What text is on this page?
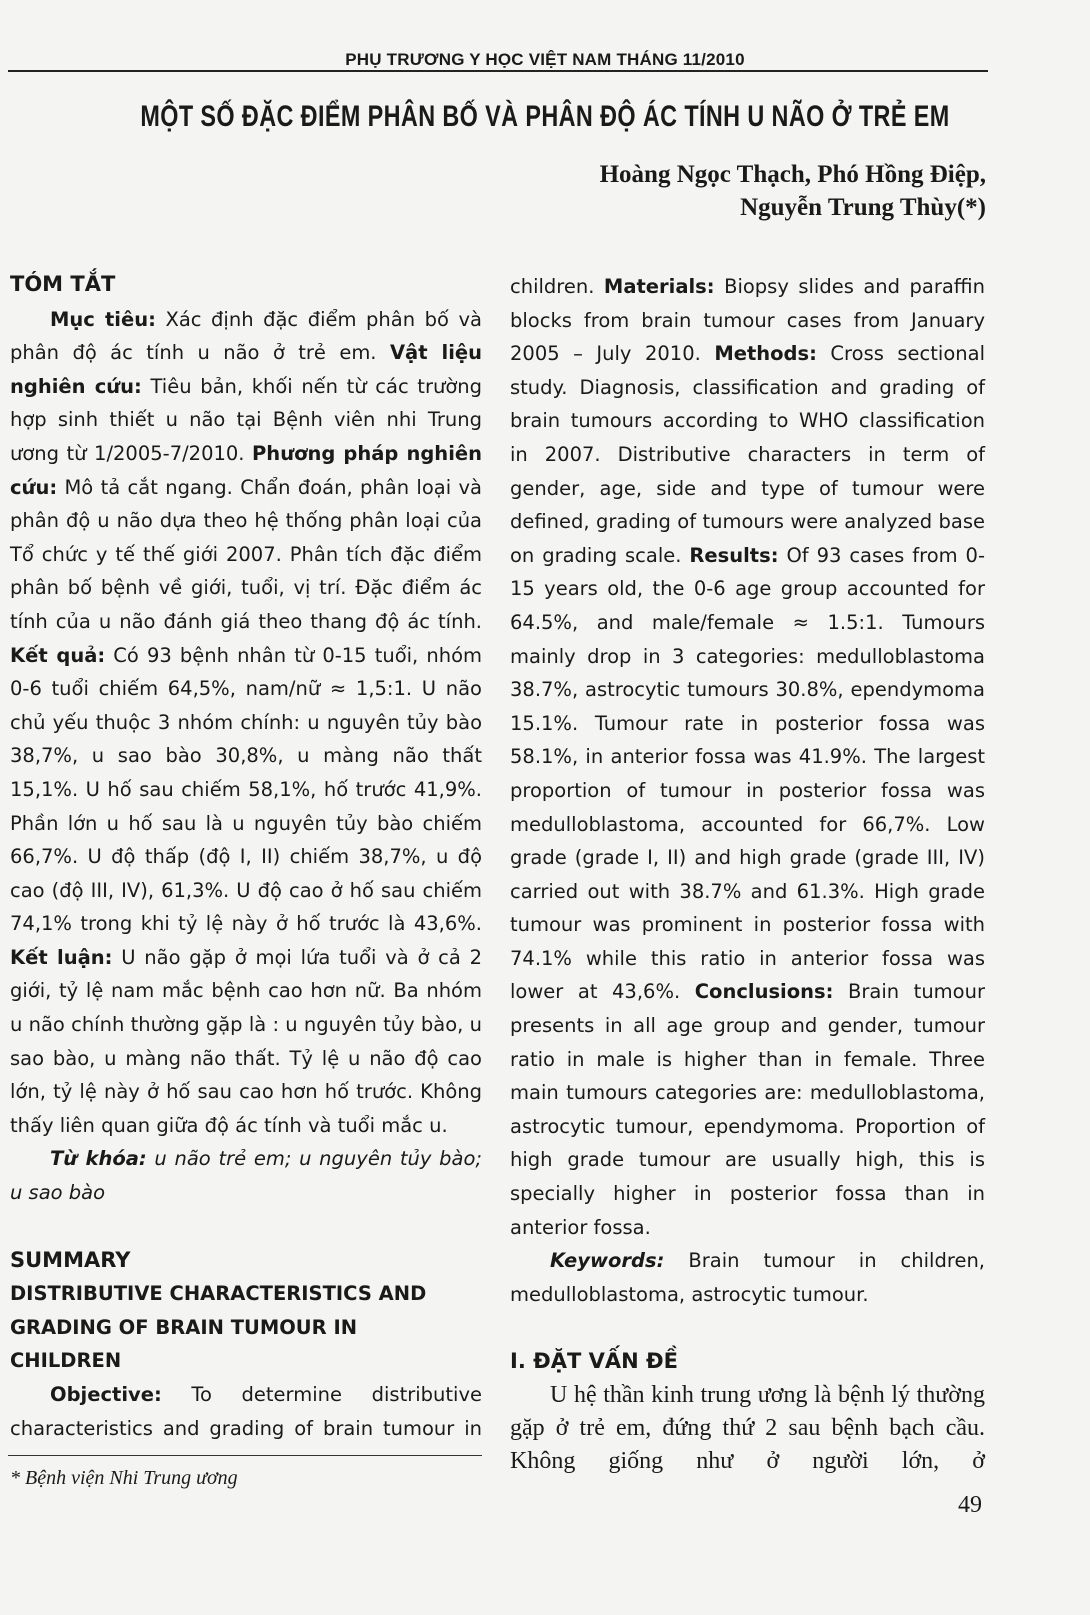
PHỤ TRƯƠNG Y HỌC VIỆT NAM THÁNG 11/2010
MỘT SỐ ĐẶC ĐIỂM PHÂN BỐ VÀ PHÂN ĐỘ ÁC TÍNH U NÃO Ở TRẺ EM
Hoàng Ngọc Thạch, Phó Hồng Điệp,
Nguyễn Trung Thùy(*)

TÓM TẮT

Mục tiêu: Xác định đặc điểm phân bố và phân độ ác tính u não ở trẻ em. Vật liệu nghiên cứu: Tiêu bản, khối nến từ các trường hợp sinh thiết u não tại Bệnh viên nhi Trung ương từ 1/2005-7/2010. Phương pháp nghiên cứu: Mô tả cắt ngang. Chẩn đoán, phân loại và phân độ u não dựa theo hệ thống phân loại của Tổ chức y tế thế giới 2007. Phân tích đặc điểm phân bố bệnh về giới, tuổi, vị trí. Đặc điểm ác tính của u não đánh giá theo thang độ ác tính. Kết quả: Có 93 bệnh nhân từ 0-15 tuổi, nhóm 0-6 tuổi chiếm 64,5%, nam/nữ ≈ 1,5:1. U não chủ yếu thuộc 3 nhóm chính: u nguyên tủy bào 38,7%, u sao bào 30,8%, u màng não thất 15,1%. U hố sau chiếm 58,1%, hố trước 41,9%. Phần lớn u hố sau là u nguyên tủy bào chiếm 66,7%. U độ thấp (độ I, II) chiếm 38,7%, u độ cao (độ III, IV), 61,3%. U độ cao ở hố sau chiếm 74,1% trong khi tỷ lệ này ở hố trước là 43,6%. Kết luận: U não gặp ở mọi lứa tuổi và ở cả 2 giới, tỷ lệ nam mắc bệnh cao hơn nữ. Ba nhóm u não chính thường gặp là : u nguyên tủy bào, u sao bào, u màng não thất. Tỷ lệ u não độ cao lớn, tỷ lệ này ở hố sau cao hơn hố trước. Không thấy liên quan giữa độ ác tính và tuổi mắc u.

Từ khóa: u não trẻ em; u nguyên tủy bào; u sao bào

SUMMARY

DISTRIBUTIVE CHARACTERISTICS AND

GRADING OF BRAIN TUMOUR IN

CHILDREN

Objective: To determine distributive characteristics and grading of brain tumour in

children. Materials: Biopsy slides and paraffin blocks from brain tumour cases from January 2005 – July 2010. Methods: Cross sectional study. Diagnosis, classification and grading of brain tumours according to WHO classification in 2007. Distributive characters in term of gender, age, side and type of tumour were defined, grading of tumours were analyzed base on grading scale. Results: Of 93 cases from 0-15 years old, the 0-6 age group accounted for 64.5%, and male/female ≈ 1.5:1. Tumours mainly drop in 3 categories: medulloblastoma 38.7%, astrocytic tumours 30.8%, ependymoma 15.1%. Tumour rate in posterior fossa was 58.1%, in anterior fossa was 41.9%. The largest proportion of tumour in posterior fossa was medulloblastoma, accounted for 66,7%. Low grade (grade I, II) and high grade (grade III, IV) carried out with 38.7% and 61.3%. High grade tumour was prominent in posterior fossa with 74.1% while this ratio in anterior fossa was lower at 43,6%. Conclusions: Brain tumour presents in all age group and gender, tumour ratio in male is higher than in female. Three main tumours categories are: medulloblastoma, astrocytic tumour, ependymoma. Proportion of high grade tumour are usually high, this is specially higher in posterior fossa than in anterior fossa.

Keywords: Brain tumour in children, medulloblastoma, astrocytic tumour.

I. ĐẶT VẤN ĐỀ

U hệ thần kinh trung ương là bệnh lý thường gặp ở trẻ em, đứng thứ 2 sau bệnh bạch cầu. Không giống như ở người lớn, ở

* Bệnh viện Nhi Trung ương
49
